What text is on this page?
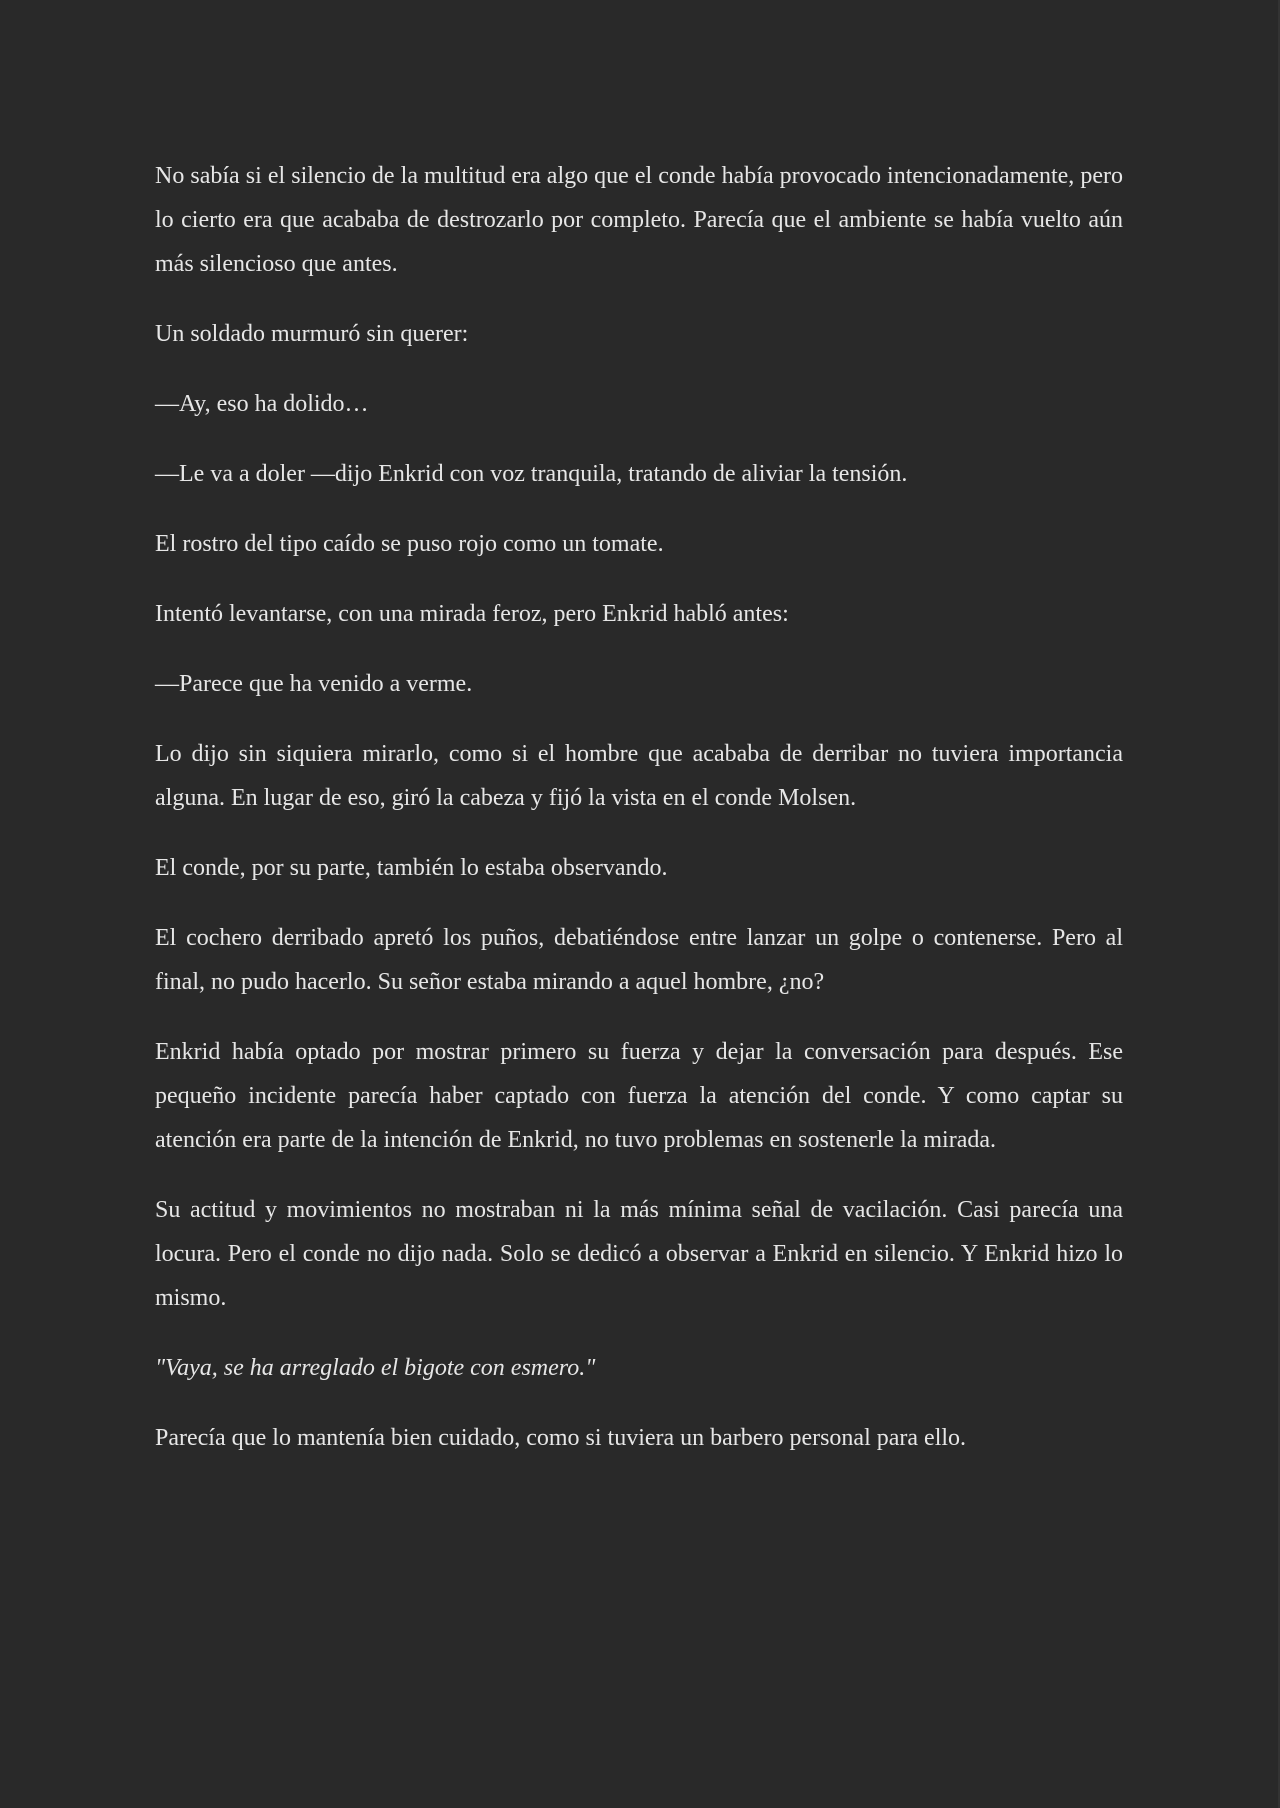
No sabía si el silencio de la multitud era algo que el conde había provocado intencionadamente, pero lo cierto era que acababa de destrozarlo por completo. Parecía que el ambiente se había vuelto aún más silencioso que antes.

Un soldado murmuró sin querer:

—Ay, eso ha dolido…

—Le va a doler —dijo Enkrid con voz tranquila, tratando de aliviar la tensión.

El rostro del tipo caído se puso rojo como un tomate.

Intentó levantarse, con una mirada feroz, pero Enkrid habló antes:

—Parece que ha venido a verme.

Lo dijo sin siquiera mirarlo, como si el hombre que acababa de derribar no tuviera importancia alguna. En lugar de eso, giró la cabeza y fijó la vista en el conde Molsen.

El conde, por su parte, también lo estaba observando.

El cochero derribado apretó los puños, debatiéndose entre lanzar un golpe o contenerse. Pero al final, no pudo hacerlo. Su señor estaba mirando a aquel hombre, ¿no?

Enkrid había optado por mostrar primero su fuerza y dejar la conversación para después. Ese pequeño incidente parecía haber captado con fuerza la atención del conde. Y como captar su atención era parte de la intención de Enkrid, no tuvo problemas en sostenerle la mirada.

Su actitud y movimientos no mostraban ni la más mínima señal de vacilación. Casi parecía una locura. Pero el conde no dijo nada. Solo se dedicó a observar a Enkrid en silencio. Y Enkrid hizo lo mismo.

"Vaya, se ha arreglado el bigote con esmero."

Parecía que lo mantenía bien cuidado, como si tuviera un barbero personal para ello.
